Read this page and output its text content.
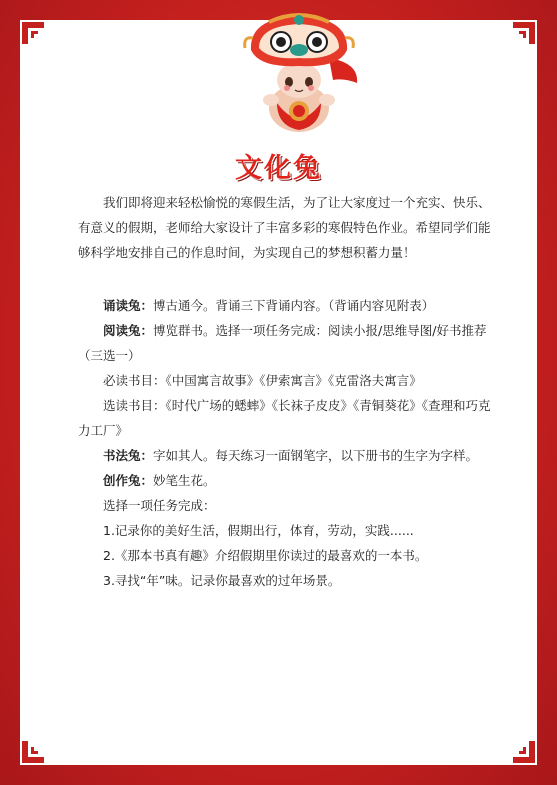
文化兔

我们即将迎来轻松愉悦的寒假生活，为了让大家度过一个充实、快乐、有意义的假期，老师给大家设计了丰富多彩的寒假特色作业。希望同学们能够科学地安排自己的作息时间，为实现自己的梦想积蓄力量！

诵读兔：博古通今。背诵三下背诵内容。（背诵内容见附表）

阅读兔：博览群书。选择一项任务完成：阅读小报/思维导图/好书推荐（三选一）

必读书目：《中国寓言故事》《伊索寓言》《克雷洛夫寓言》

选读书目：《时代广场的蟋蟀》《长袜子皮皮》《青铜葵花》《查理和巧克力工厂》

书法兔：字如其人。每天练习一面钢笔字，以下册书的生字为字样。

创作兔：妙笔生花。

选择一项任务完成：

1.记录你的美好生活，假期出行，体育，劳动，实践......

2.《那本书真有趣》介绍假期里你读过的最喜欢的一本书。

3.寻找“年”味。记录你最喜欢的过年场景。
